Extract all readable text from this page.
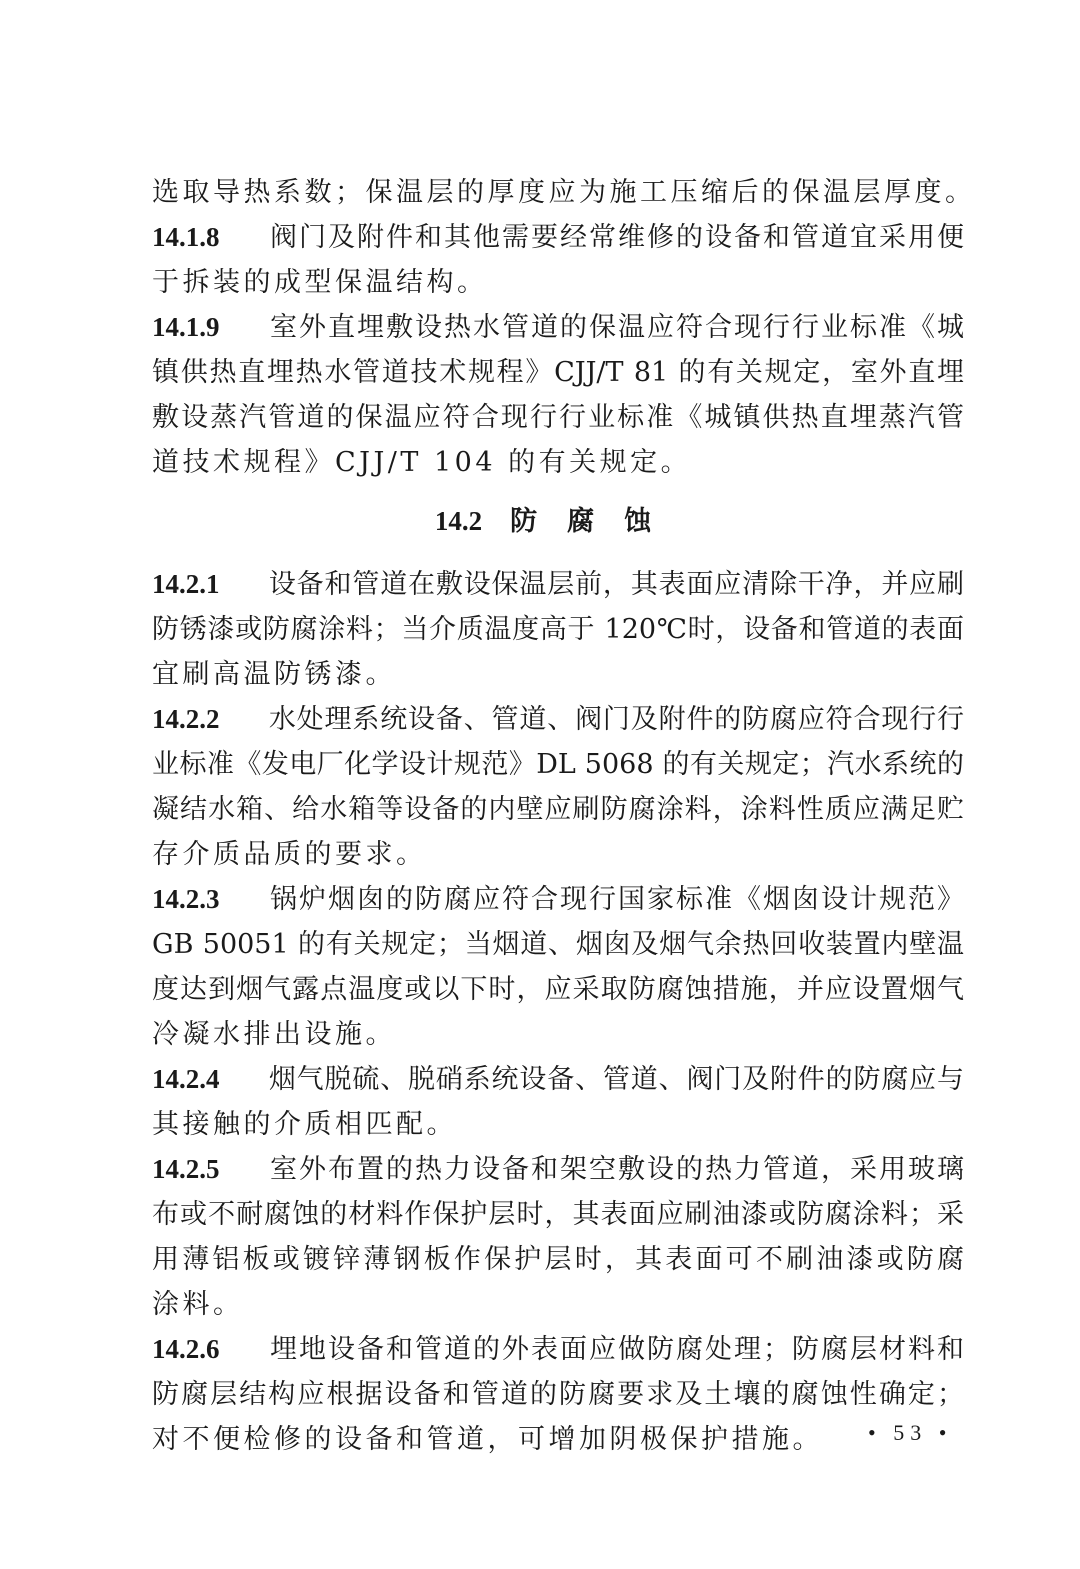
选取导热系数；保温层的厚度应为施工压缩后的保温层厚度。
14.1.8 阀门及附件和其他需要经常维修的设备和管道宜采用便
于拆装的成型保温结构。
14.1.9 室外直埋敷设热水管道的保温应符合现行行业标准《城
镇供热直埋热水管道技术规程》CJJ/T 81 的有关规定，室外直埋
敷设蒸汽管道的保温应符合现行行业标准《城镇供热直埋蒸汽管
道技术规程》CJJ/T 104 的有关规定。
14.2 防腐蚀
14.2.1 设备和管道在敷设保温层前，其表面应清除干净，并应刷
防锈漆或防腐涂料；当介质温度高于 120℃时，设备和管道的表面
宜刷高温防锈漆。
14.2.2 水处理系统设备、管道、阀门及附件的防腐应符合现行行
业标准《发电厂化学设计规范》DL 5068 的有关规定；汽水系统的
凝结水箱、给水箱等设备的内壁应刷防腐涂料，涂料性质应满足贮
存介质品质的要求。
14.2.3 锅炉烟囱的防腐应符合现行国家标准《烟囱设计规范》
GB 50051 的有关规定；当烟道、烟囱及烟气余热回收装置内壁温
度达到烟气露点温度或以下时，应采取防腐蚀措施，并应设置烟气
冷凝水排出设施。
14.2.4 烟气脱硫、脱硝系统设备、管道、阀门及附件的防腐应与
其接触的介质相匹配。
14.2.5 室外布置的热力设备和架空敷设的热力管道，采用玻璃
布或不耐腐蚀的材料作保护层时，其表面应刷油漆或防腐涂料；采
用薄铝板或镀锌薄钢板作保护层时，其表面可不刷油漆或防腐
涂料。
14.2.6 埋地设备和管道的外表面应做防腐处理；防腐层材料和
防腐层结构应根据设备和管道的防腐要求及土壤的腐蚀性确定；
对不便检修的设备和管道，可增加阴极保护措施。	• 53 •
